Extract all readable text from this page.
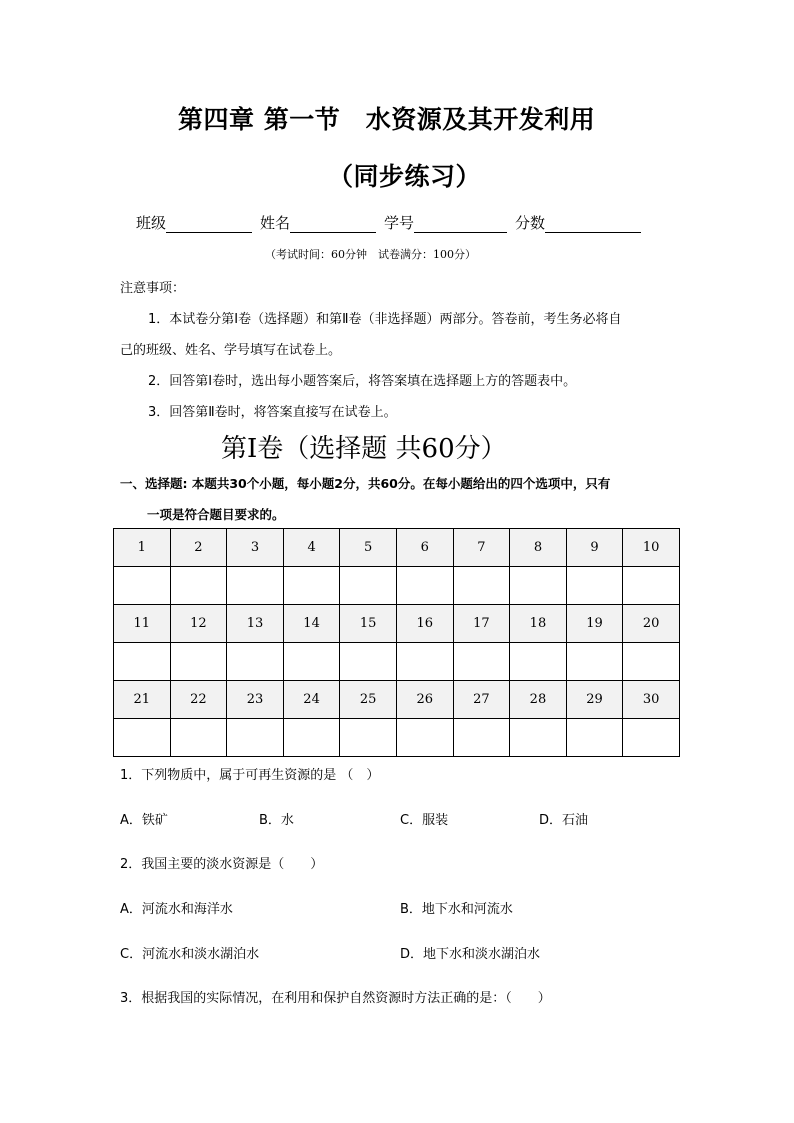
第四章 第一节　水资源及其开发利用
（同步练习）
班级	姓名	学号	分数
（考试时间：60分钟　试卷满分：100分）
注意事项：
1．本试卷分第Ⅰ卷（选择题）和第Ⅱ卷（非选择题）两部分。答卷前，考生务必将自
己的班级、姓名、学号填写在试卷上。
2．回答第Ⅰ卷时，选出每小题答案后，将答案填在选择题上方的答题表中。
3．回答第Ⅱ卷时，将答案直接写在试卷上。
第Ⅰ卷（选择题 共60分）
一、选择题: 本题共30个小题，每小题2分，共60分。在每小题给出的四个选项中，只有
一项是符合题目要求的。
1	2	3	4	5	6	7	8	9	10

11	12	13	14	15	16	17	18	19	20

21	22	23	24	25	26	27	28	29	30

1．下列物质中，属于可再生资源的是 （　）
A．铁矿	B．水	C．服装	D．石油
2．我国主要的淡水资源是（　　）
A．河流水和海洋水	B．地下水和河流水
C．河流水和淡水湖泊水	D．地下水和淡水湖泊水
3．根据我国的实际情况，在利用和保护自然资源时方法正确的是：（　　）
